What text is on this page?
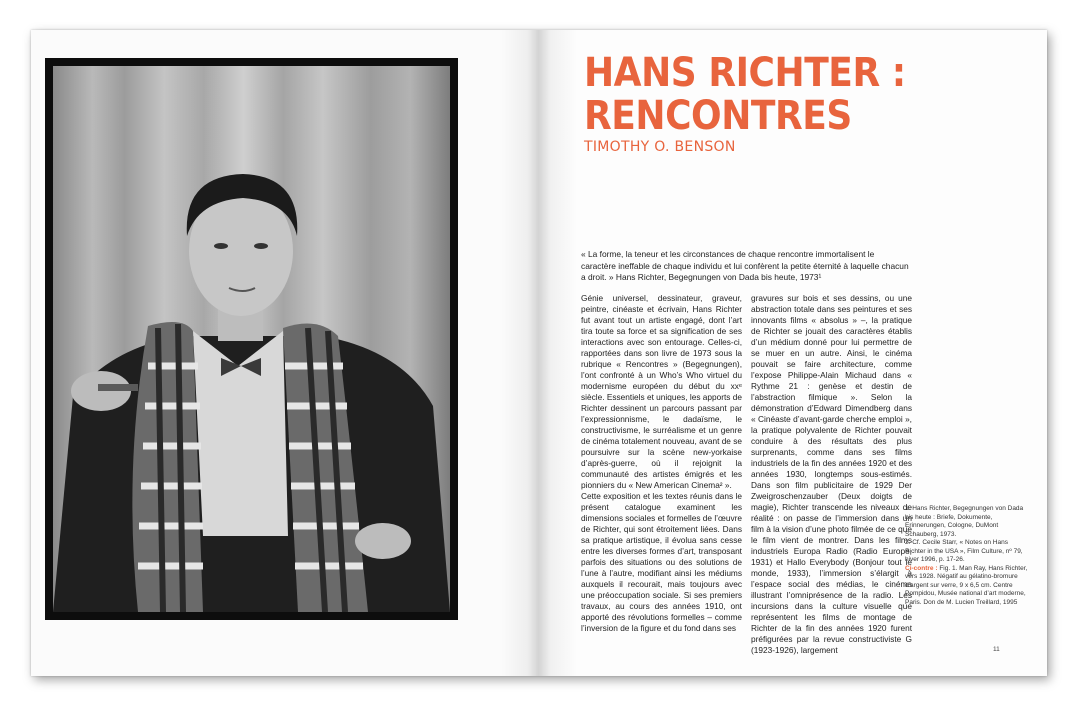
HANS RICHTER :
RENCONTRES
TIMOTHY O. BENSON
« La forme, la teneur et les circonstances de chaque rencontre immortalisent le caractère ineffable de chaque individu et lui confèrent la petite éternité à laquelle chacun a droit. » Hans Richter, Begegnungen von Dada bis heute, 1973¹

Génie universel, dessinateur, graveur, peintre, cinéaste et écrivain, Hans Richter fut avant tout un artiste engagé, dont l’art tira toute sa force et sa signification de ses interactions avec son entourage. Celles-ci, rapportées dans son livre de 1973 sous la rubrique « Rencontres » (Begegnungen), l’ont confronté à un Who’s Who virtuel du modernisme européen du début du xxᵉ siècle. Essentiels et uniques, les apports de Richter dessinent un parcours passant par l’expressionnisme, le dadaïsme, le constructivisme, le surréalisme et un genre de cinéma totalement nouveau, avant de se poursuivre sur la scène new-yorkaise d’après-guerre, où il rejoignit la communauté des artistes émigrés et les pionniers du « New American Cinema² ».

Cette exposition et les textes réunis dans le présent catalogue examinent les dimensions sociales et formelles de l’œuvre de Richter, qui sont étroitement liées. Dans sa pratique artistique, il évolua sans cesse entre les diverses formes d’art, transposant parfois des situations ou des solutions de l’une à l’autre, modifiant ainsi les médiums auxquels il recourait, mais toujours avec une préoccupation sociale. Si ses premiers travaux, au cours des années 1910, ont apporté des révolutions formelles – comme l’inversion de la figure et du fond dans ses

gravures sur bois et ses dessins, ou une abstraction totale dans ses peintures et ses innovants films « absolus » –, la pratique de Richter se jouait des caractères établis d’un médium donné pour lui permettre de se muer en un autre. Ainsi, le cinéma pouvait se faire architecture, comme l’expose Philippe-Alain Michaud dans « Rythme 21 : genèse et destin de l’abstraction filmique ». Selon la démonstration d’Edward Dimendberg dans « Cinéaste d’avant-garde cherche emploi », la pratique polyvalente de Richter pouvait conduire à des résultats des plus surprenants, comme dans ses films industriels de la fin des années 1920 et des années 1930, longtemps sous-estimés. Dans son film publicitaire de 1929 Der Zweigroschenzauber (Deux doigts de magie), Richter transcende les niveaux de réalité : on passe de l’immersion dans un film à la vision d’une photo filmée de ce que le film vient de montrer. Dans les films industriels Europa Radio (Radio Europe, 1931) et Hallo Everybody (Bonjour tout le monde, 1933), l’immersion s’élargit à l’espace social des médias, le cinéma illustrant l’omniprésence de la radio. Les incursions dans la culture visuelle que représentent les films de montage de Richter de la fin des années 1920 furent préfigurées par la revue constructiviste G (1923-1926), largement

1. Hans Richter, Begegnungen von Dada bis heute : Briefe, Dokumente, Erinnerungen, Cologne, DuMont Schauberg, 1973.
2. Cf. Cecile Starr, « Notes on Hans Richter in the USA », Film Culture, nº 79, hiver 1996, p. 17-26.
Ci-contre : Fig. 1. Man Ray, Hans Richter, vers 1928. Négatif au gélatino-bromure d’argent sur verre, 9 x 6,5 cm. Centre Pompidou, Musée national d’art moderne, Paris. Don de M. Lucien Treillard, 1995
11
